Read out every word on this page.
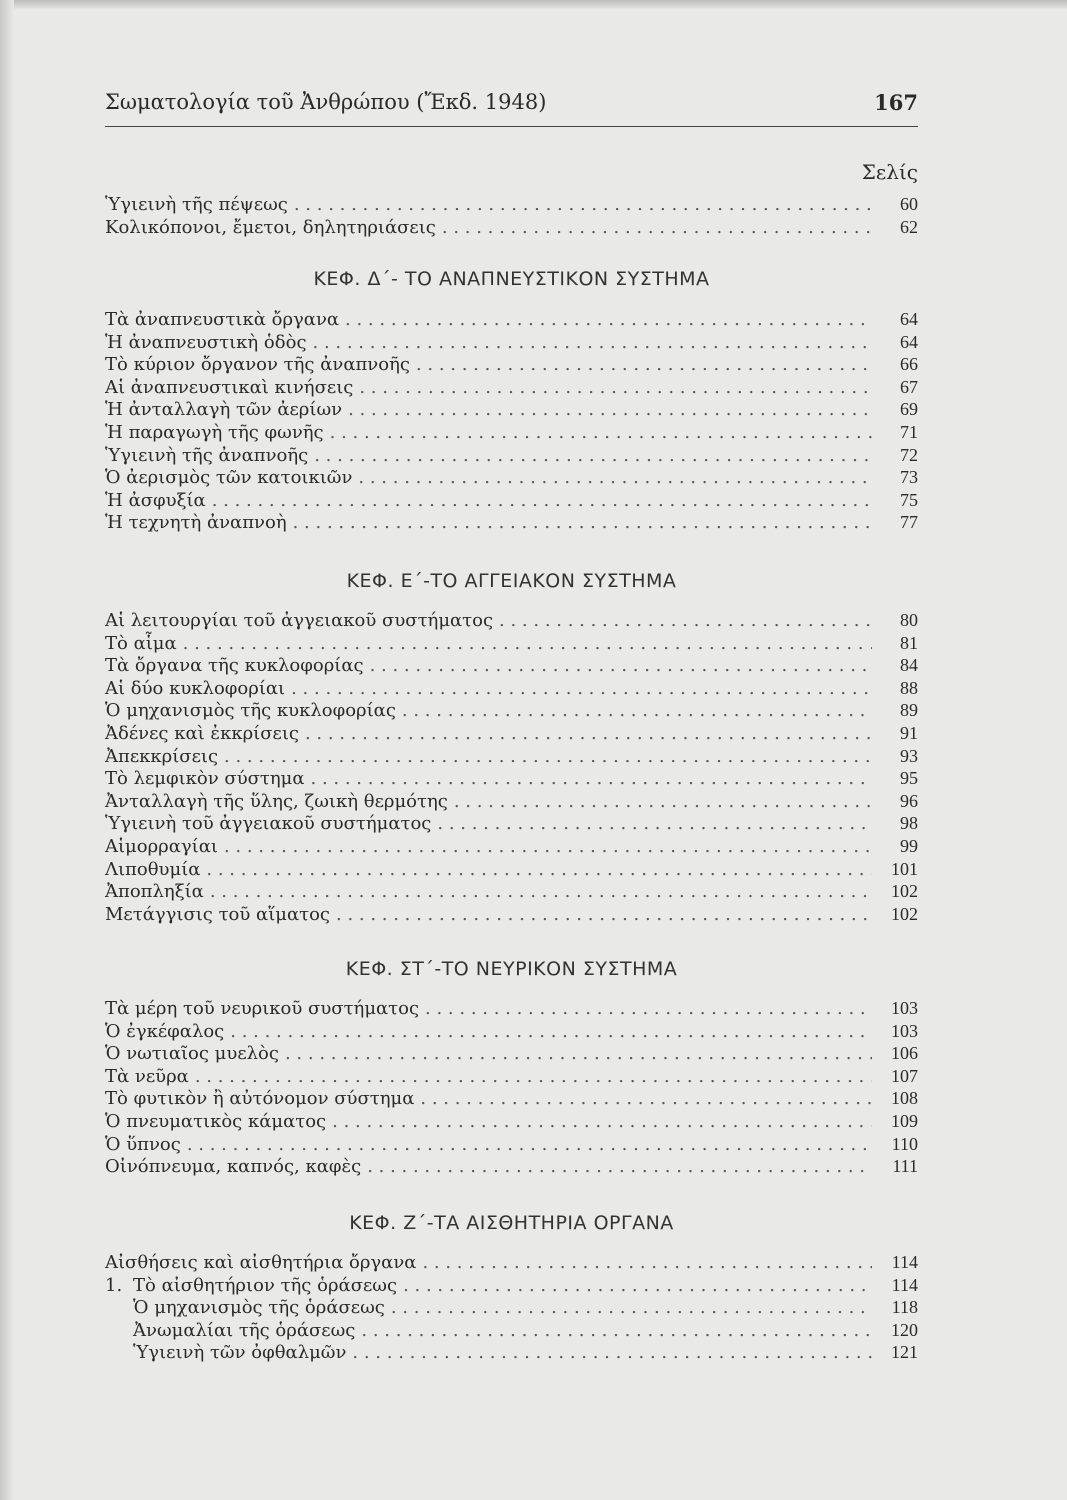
Σωματολογία τοῦ Ἀνθρώπου (Ἔκδ. 1948)	167
Σελίς
Ὑγιεινὴ τῆς πέψεως . . .	60
Κολικόπονοι, ἔμετοι, δηλητηριάσεις . . .	62
ΚΕΦ. Δ΄- ΤΟ ΑΝΑΠΝΕΥΣΤΙΚΟΝ ΣΥΣΤΗΜΑ
Τὰ ἀναπνευστικὰ ὄργανα . . .	64
Ἡ ἀναπνευστικὴ ὁδὸς . . .	64
Τὸ κύριον ὄργανον τῆς ἀναπνοῆς . . .	66
Αἱ ἀναπνευστικαὶ κινήσεις . . .	67
Ἡ ἀνταλλαγὴ τῶν ἀερίων . . .	69
Ἡ παραγωγὴ τῆς φωνῆς . . .	71
Ὑγιεινὴ τῆς ἀναπνοῆς . . .	72
Ὁ ἀερισμὸς τῶν κατοικιῶν . . .	73
Ἡ ἀσφυξία . . .	75
Ἡ τεχνητὴ ἀναπνοὴ . . .	77
ΚΕΦ. Ε΄-ΤΟ ΑΓΓΕΙΑΚΟΝ ΣΥΣΤΗΜΑ
Αἱ λειτουργίαι τοῦ ἀγγειακοῦ συστήματος . . .	80
Τὸ αἷμα . . .	81
Τὰ ὄργανα τῆς κυκλοφορίας . . .	84
Αἱ δύο κυκλοφορίαι . . .	88
Ὁ μηχανισμὸς τῆς κυκλοφορίας . . .	89
Ἀδένες καὶ ἐκκρίσεις . . .	91
Ἀπεκκρίσεις . . .	93
Τὸ λεμφικὸν σύστημα . . .	95
Ἀνταλλαγὴ τῆς ὕλης, ζωικὴ θερμότης . . .	96
Ὑγιεινὴ τοῦ ἀγγειακοῦ συστήματος . . .	98
Αἱμορραγίαι . . .	99
Λιποθυμία . . .	101
Ἀποπληξία . . .	102
Μετάγγισις τοῦ αἵματος . . .	102
ΚΕΦ. ΣΤ΄-ΤΟ ΝΕΥΡΙΚΟΝ ΣΥΣΤΗΜΑ
Τὰ μέρη τοῦ νευρικοῦ συστήματος . . .	103
Ὁ ἐγκέφαλος . . .	103
Ὁ νωτιαῖος μυελὸς . . .	106
Τὰ νεῦρα . . .	107
Τὸ φυτικὸν ἢ αὐτόνομον σύστημα . . .	108
Ὁ πνευματικὸς κάματος . . .	109
Ὁ ὕπνος . . .	110
Οἰνόπνευμα, καπνός, καφὲς . . .	111
ΚΕΦ. Ζ΄-ΤΑ ΑΙΣΘΗΤΗΡΙΑ ΟΡΓΑΝΑ
Αἰσθήσεις καὶ αἰσθητήρια ὄργανα . . .	114
1. Τὸ αἰσθητήριον τῆς ὁράσεως . . .	114
Ὁ μηχανισμὸς τῆς ὁράσεως . . .	118
Ἀνωμαλίαι τῆς ὁράσεως . . .	120
Ὑγιεινὴ τῶν ὀφθαλμῶν . . .	121
